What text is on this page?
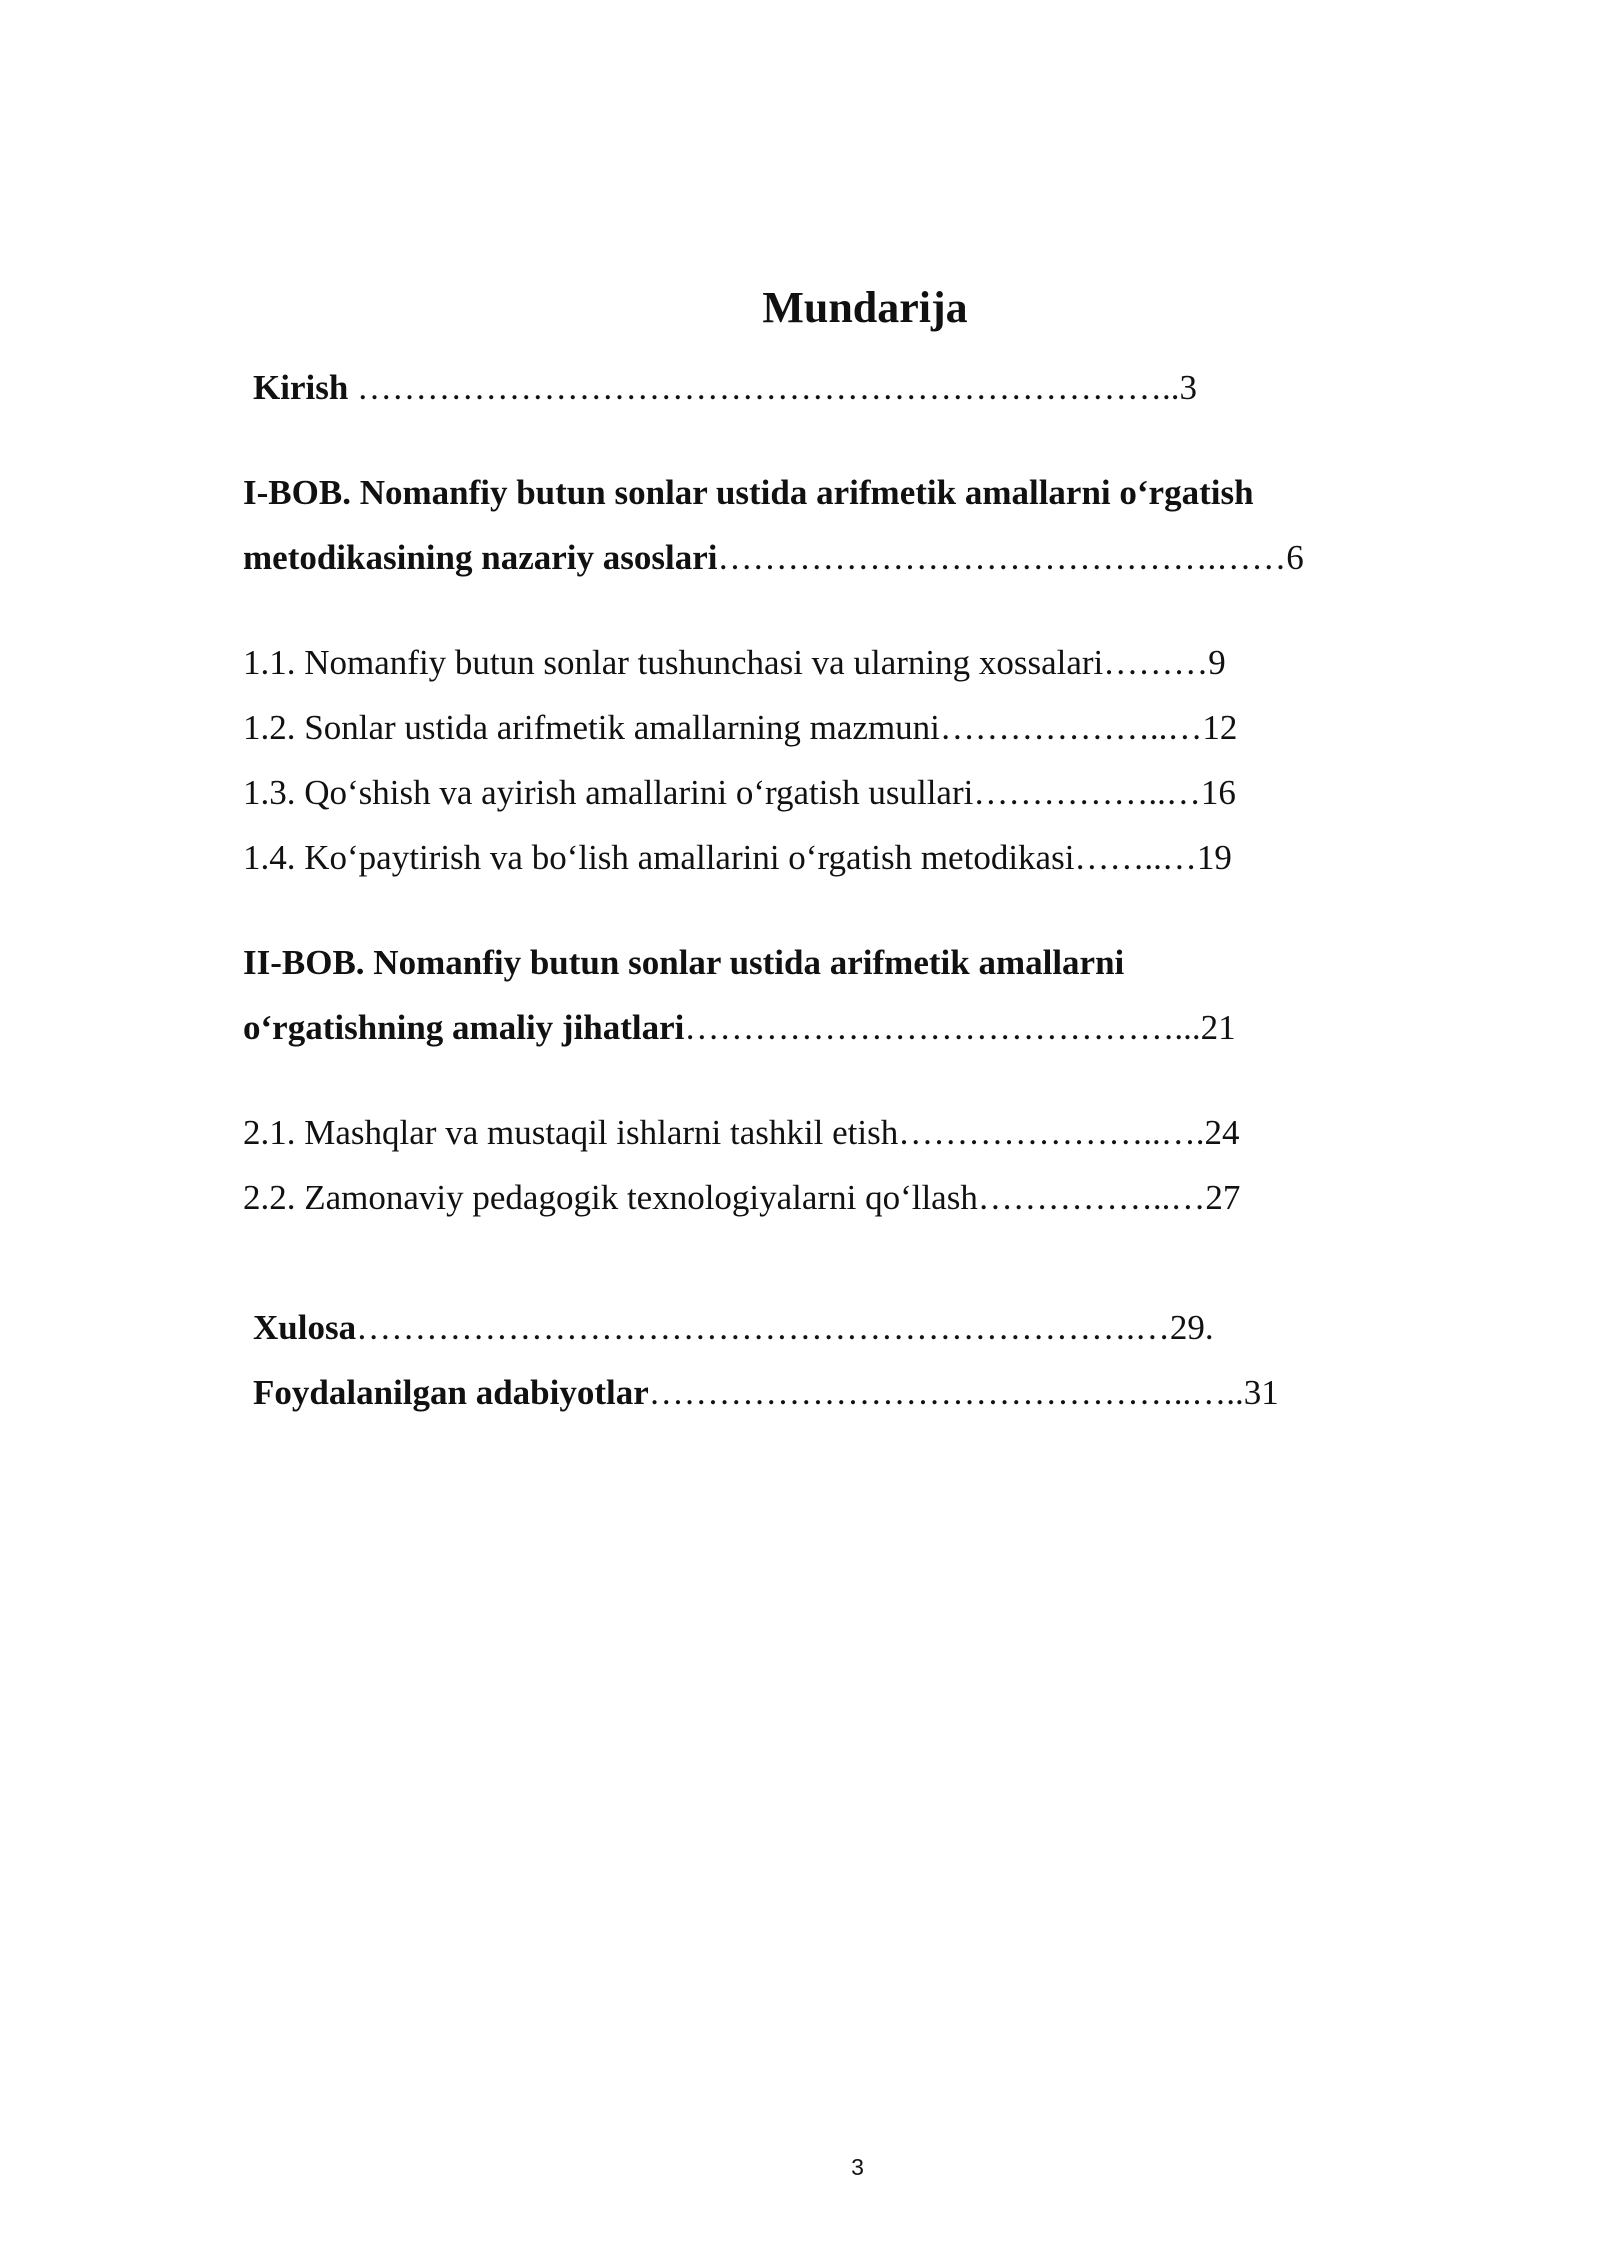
Mundarija
Kirish ……………………………………………………………..3
I-BOB. Nomanfiy butun sonlar ustida arifmetik amallarni o‘rgatish
metodikasining nazariy asoslari…………………………………….……6
1.1. Nomanfiy butun sonlar tushunchasi va ularning xossalari………9
1.2. Sonlar ustida arifmetik amallarning mazmuni………………..…12
1.3. Qo‘shish va ayirish amallarini o‘rgatish usullari……………..…16
1.4. Ko‘paytirish va bo‘lish amallarini o‘rgatish metodikasi……..…19
II-BOB. Nomanfiy butun sonlar ustida arifmetik amallarni
o‘rgatishning amaliy jihatlari……………………………………...21
2.1. Mashqlar va mustaqil ishlarni tashkil etish…………………..….24
2.2. Zamonaviy pedagogik texnologiyalarni qo‘llash……………..…27
Xulosa………………………………………………………….…29.
Foydalanilgan adabiyotlar………………………………………..…..31
3
